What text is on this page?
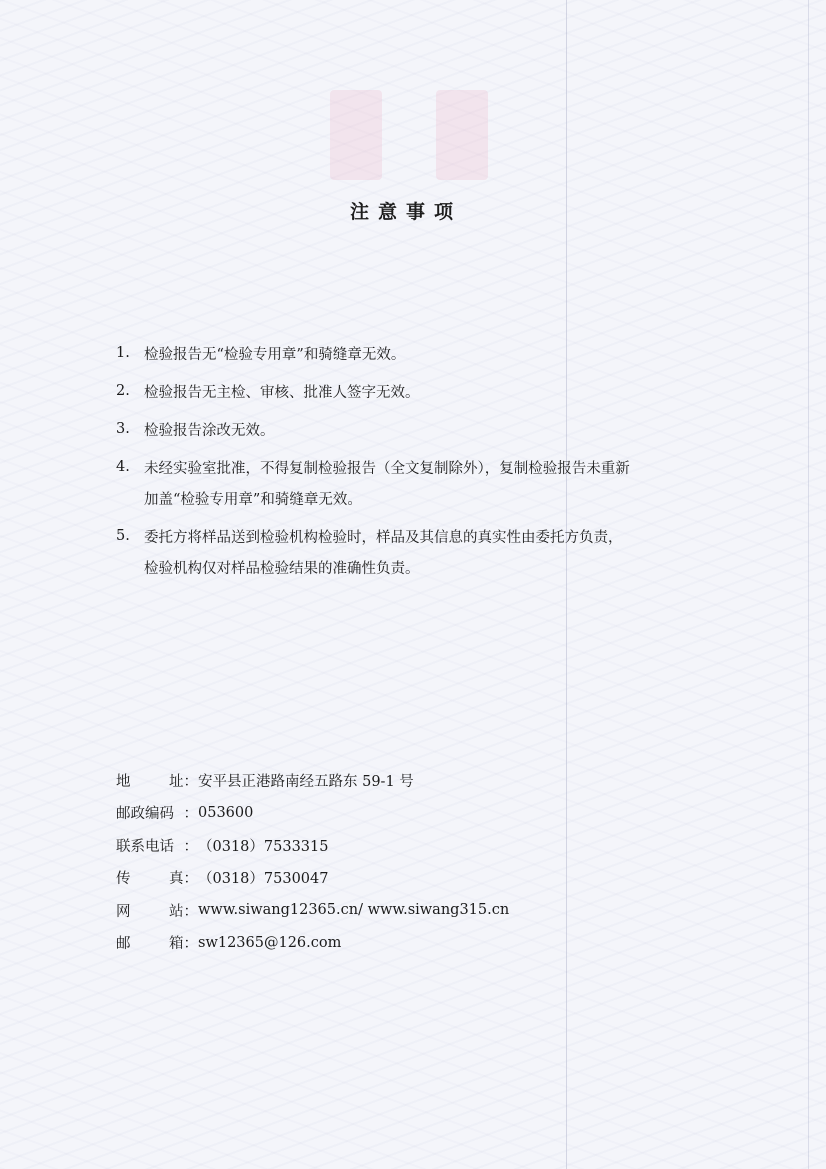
注意事项
1. 检验报告无“检验专用章”和骑缝章无效。
2. 检验报告无主检、审核、批准人签字无效。
3. 检验报告涂改无效。
4. 未经实验室批准，不得复制检验报告（全文复制除外），复制检验报告未重新
加盖“检验专用章”和骑缝章无效。
5. 委托方将样品送到检验机构检验时，样品及其信息的真实性由委托方负责，
检验机构仅对样品检验结果的准确性负责。
地	址： 安平县正港路南经五路东 59-1 号
邮政编码 ： 053600
联系电话 ： （0318）7533315
传	真： （0318）7530047
网	站： www.siwang12365.cn/ www.siwang315.cn
邮	箱： sw12365@126.com
